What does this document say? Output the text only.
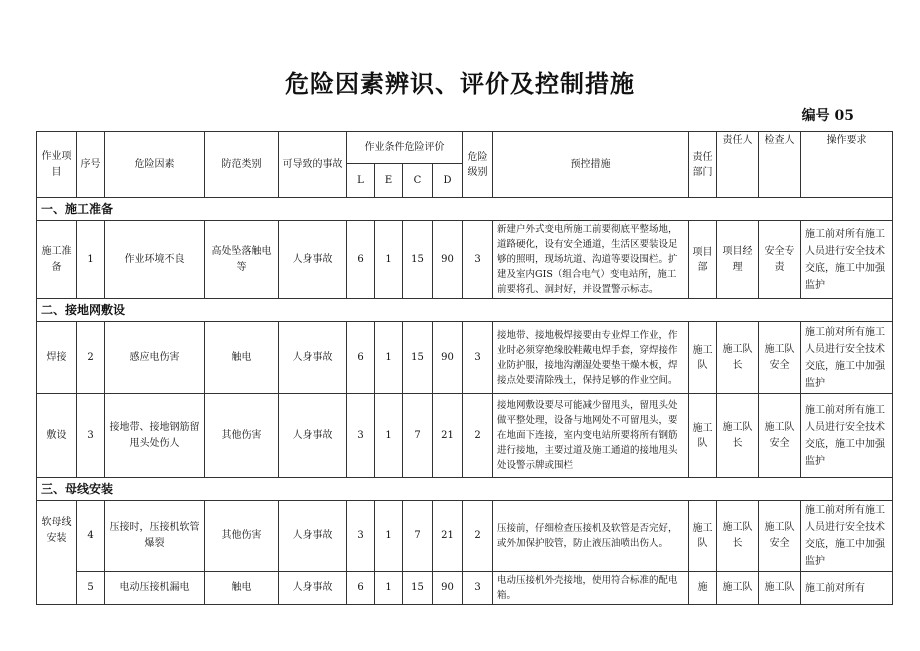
危险因素辨识、评价及控制措施
编号 05
作业项目	序号	危险因素	防范类别	可导致的事故	作业条件危险评价				危险级别	预控措施	责任部门	责任人	检查人	操作要求
					L	E	C	D						
一、施工准备														
施工准备	1	作业环境不良	高处坠落触电等	人身事故	6	1	15	90	3	新建户外式变电所施工前要彻底平整场地，道路硬化，设有安全通道，生活区要装设足够的照明，现场坑道、沟道等要设围栏。扩建及室内GIS（组合电气）变电站所，施工前要将孔、洞封好，并设置警示标志。	项目部	项目经理	安全专责	施工前对所有施工人员进行安全技术交底，施工中加强监护
二、接地网敷设														
焊接	2	感应电伤害	触电	人身事故	6	1	15	90	3	接地带、接地极焊接要由专业焊工作业，作业时必须穿绝缘胶鞋戴电焊手套，穿焊接作业防护服，接地沟潮湿处要垫干燥木板，焊接点处要清除残土，保持足够的作业空间。	施工队	施工队长	施工队安全	施工前对所有施工人员进行安全技术交底，施工中加强监护
敷设	3	接地带、接地钢筋留甩头处伤人	其他伤害	人身事故	3	1	7	21	2	接地网敷设要尽可能减少留甩头，留甩头处做平整处理，设备与地网处不可留甩头，要在地面下连接，室内变电站所要将所有钢筋进行接地，主要过道及施工通道的接地甩头处设警示牌或围栏	施工队	施工队长	施工队安全	施工前对所有施工人员进行安全技术交底，施工中加强监护
三、母线安装														
软母线安装	4	压接时，压接机软管爆裂	其他伤害	人身事故	3	1	7	21	2	压接前，仔细检查压接机及软管是否完好，或外加保护胶管，防止液压油喷出伤人。	施工队	施工队长	施工队安全	施工前对所有施工人员进行安全技术交底，施工中加强监护
	5	电动压接机漏电	触电	人身事故	6	1	15	90	3	电动压接机外壳接地，使用符合标准的配电箱。	施	施工队	施工队	施工前对所有
